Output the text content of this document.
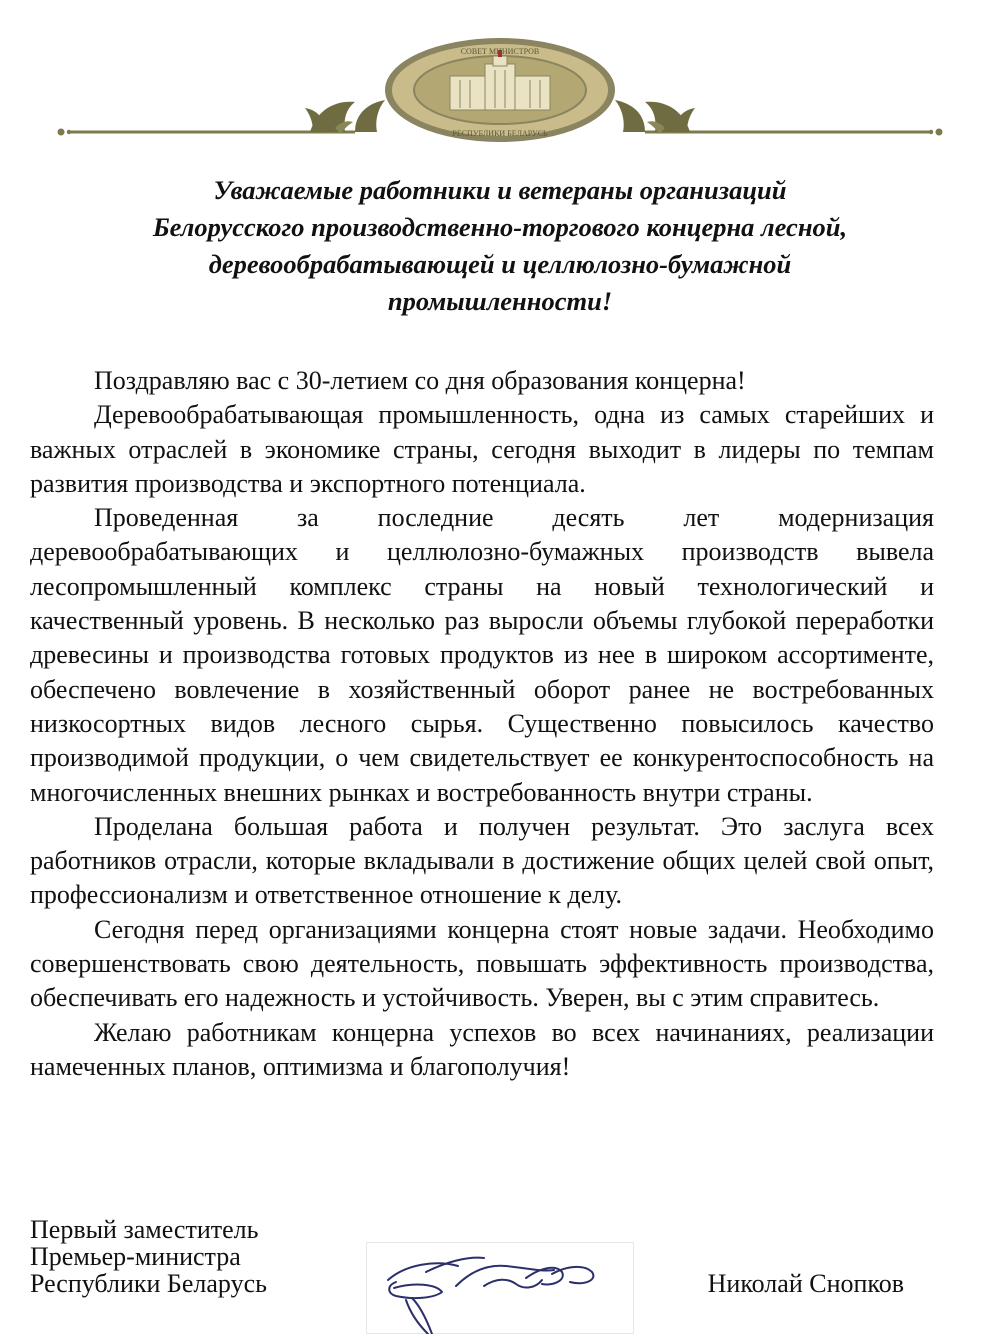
СОВЕТ МИНИСТРОВ
РЕСПУБЛИКИ БЕЛАРУСЬ
Уважаемые работники и ветераны организаций
Белорусского производственно-торгового концерна лесной,
деревообрабатывающей и целлюлозно-бумажной
промышленности!

Поздравляю вас с 30-летием со дня образования концерна!

Деревообрабатывающая промышленность, одна из самых старейших и важных отраслей в экономике страны, сегодня выходит в лидеры по темпам развития производства и экспортного потенциала.

Проведенная за последние десять лет модернизация деревообрабатывающих и целлюлозно-бумажных производств вывела лесопромышленный комплекс страны на новый технологический и качественный уровень. В несколько раз выросли объемы глубокой переработки древесины и производства готовых продуктов из нее в широком ассортименте, обеспечено вовлечение в хозяйственный оборот ранее не востребованных низкосортных видов лесного сырья. Существенно повысилось качество производимой продукции, о чем свидетельствует ее конкурентоспособность на многочисленных внешних рынках и востребованность внутри страны.

Проделана большая работа и получен результат. Это заслуга всех работников отрасли, которые вкладывали в достижение общих целей свой опыт, профессионализм и ответственное отношение к делу.

Сегодня перед организациями концерна стоят новые задачи. Необходимо совершенствовать свою деятельность, повышать эффективность производства, обеспечивать его надежность и устойчивость. Уверен, вы с этим справитесь.

Желаю работникам концерна успехов во всех начинаниях, реализации намеченных планов, оптимизма и благополучия!

Первый заместитель
Премьер-министра
Республики Беларусь	Николай Снопков
